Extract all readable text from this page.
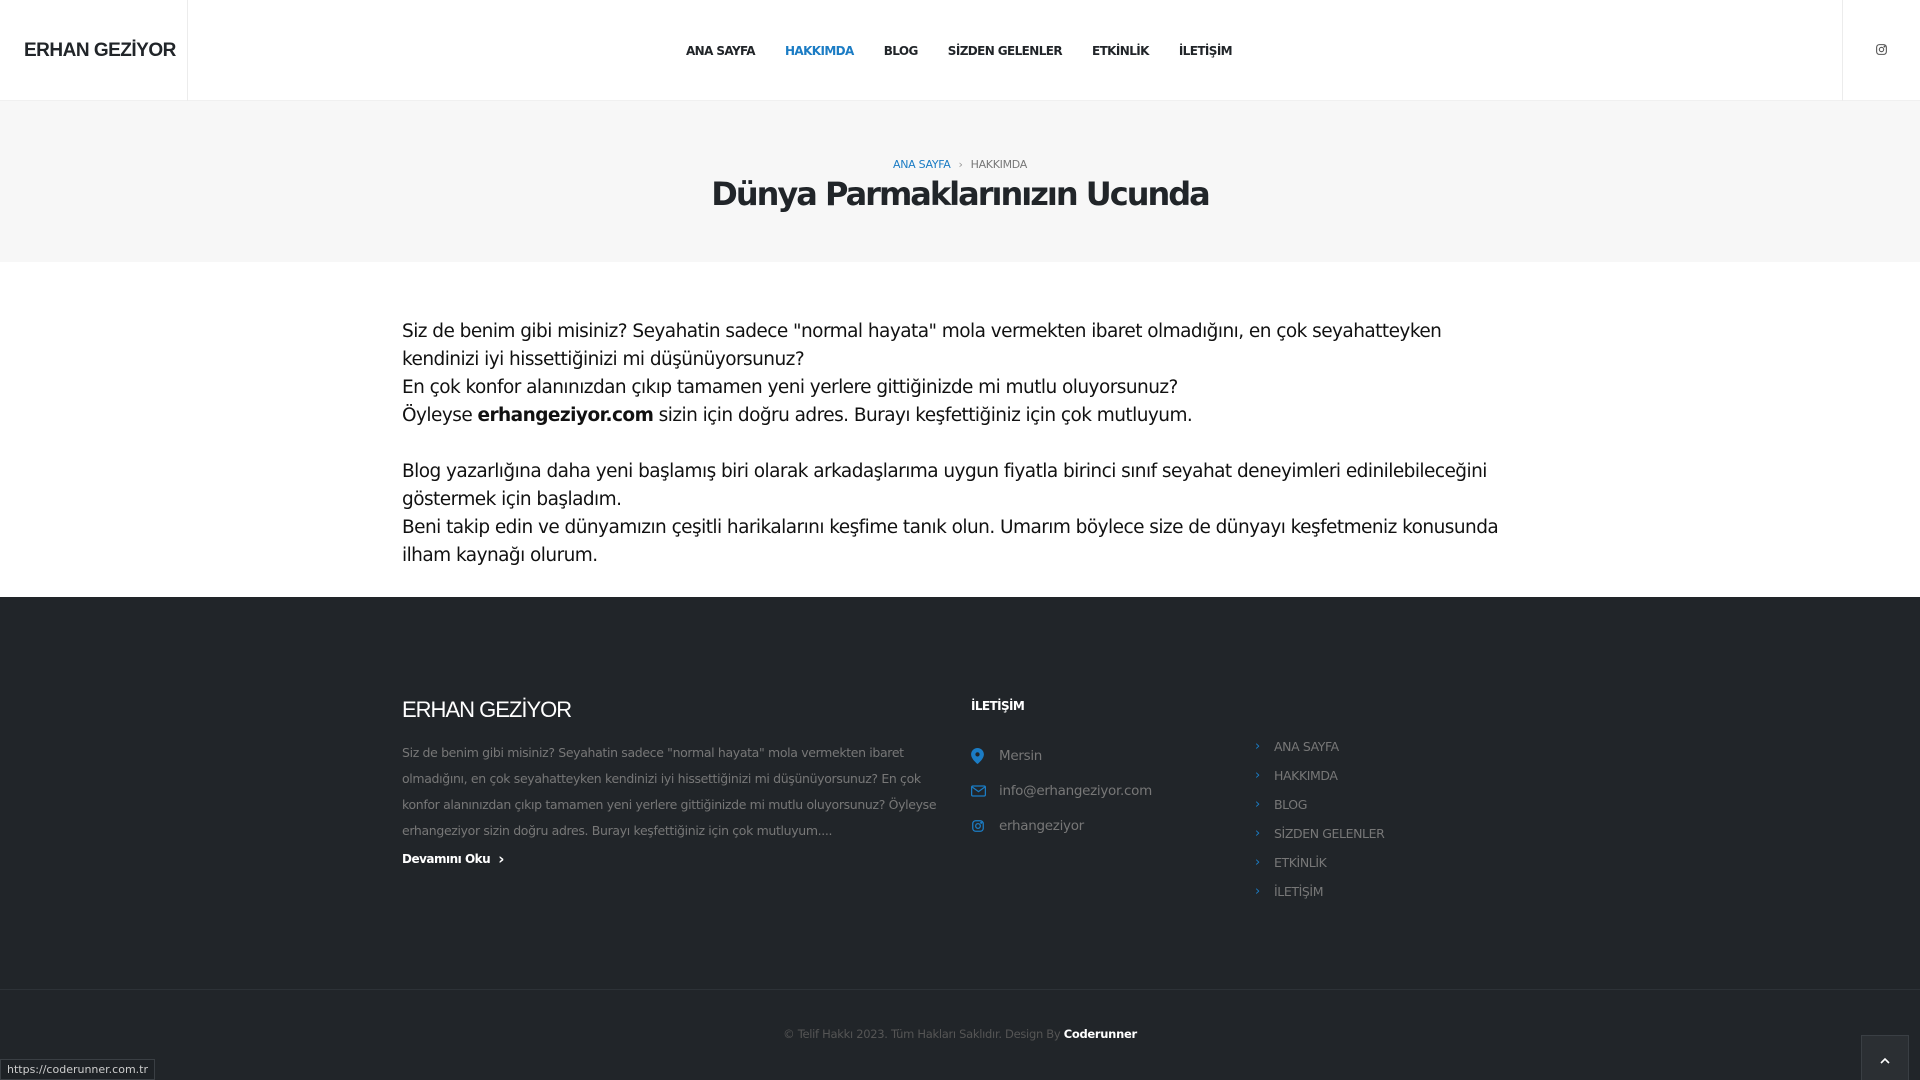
ERHAN GEZİYOR	ANA SAYFA	HAKKIMDA	BLOG	SİZDEN GELENLER	ETKİNLİK	İLETİŞİM
ANA SAYFA › HAKKIMDA
Dünya Parmaklarınızın Ucunda

Siz de benim gibi misiniz? Seyahatin sadece "normal hayata" mola vermekten ibaret olmadığını, en çok seyahatteyken kendinizi iyi hissettiğinizi mi düşünüyorsunuz?

En çok konfor alanınızdan çıkıp tamamen yeni yerlere gittiğinizde mi mutlu oluyorsunuz?

Öyleyse erhangeziyor.com sizin için doğru adres. Burayı keşfettiğiniz için çok mutluyum.

Blog yazarlığına daha yeni başlamış biri olarak arkadaşlarıma uygun fiyatla birinci sınıf seyahat deneyimleri edinilebileceğini göstermek için başladım.

Beni takip edin ve dünyamızın çeşitli harikalarını keşfime tanık olun. Umarım böylece size de dünyayı keşfetmeniz konusunda ilham kaynağı olurum.

ERHAN GEZİYOR
Siz de benim gibi misiniz? Seyahatin sadece "normal hayata" mola vermekten ibaret olmadığını, en çok seyahatteyken kendinizi iyi hissettiğinizi mi düşünüyorsunuz? En çok konfor alanınızdan çıkıp tamamen yeni yerlere gittiğinizde mi mutlu oluyorsunuz? Öyleyse erhangeziyor sizin doğru adres. Burayı keşfettiğiniz için çok mutluyum....
Devamını Oku ›
İLETİŞİM
Mersin
info@erhangeziyor.com
erhangeziyor
›	ANA SAYFA
›	HAKKIMDA
›	BLOG
›	SİZDEN GELENLER
›	ETKİNLİK
›	İLETİŞİM
© Telif Hakkı 2023. Tüm Hakları Saklıdır. Design By Coderunner
https://coderunner.com.tr
